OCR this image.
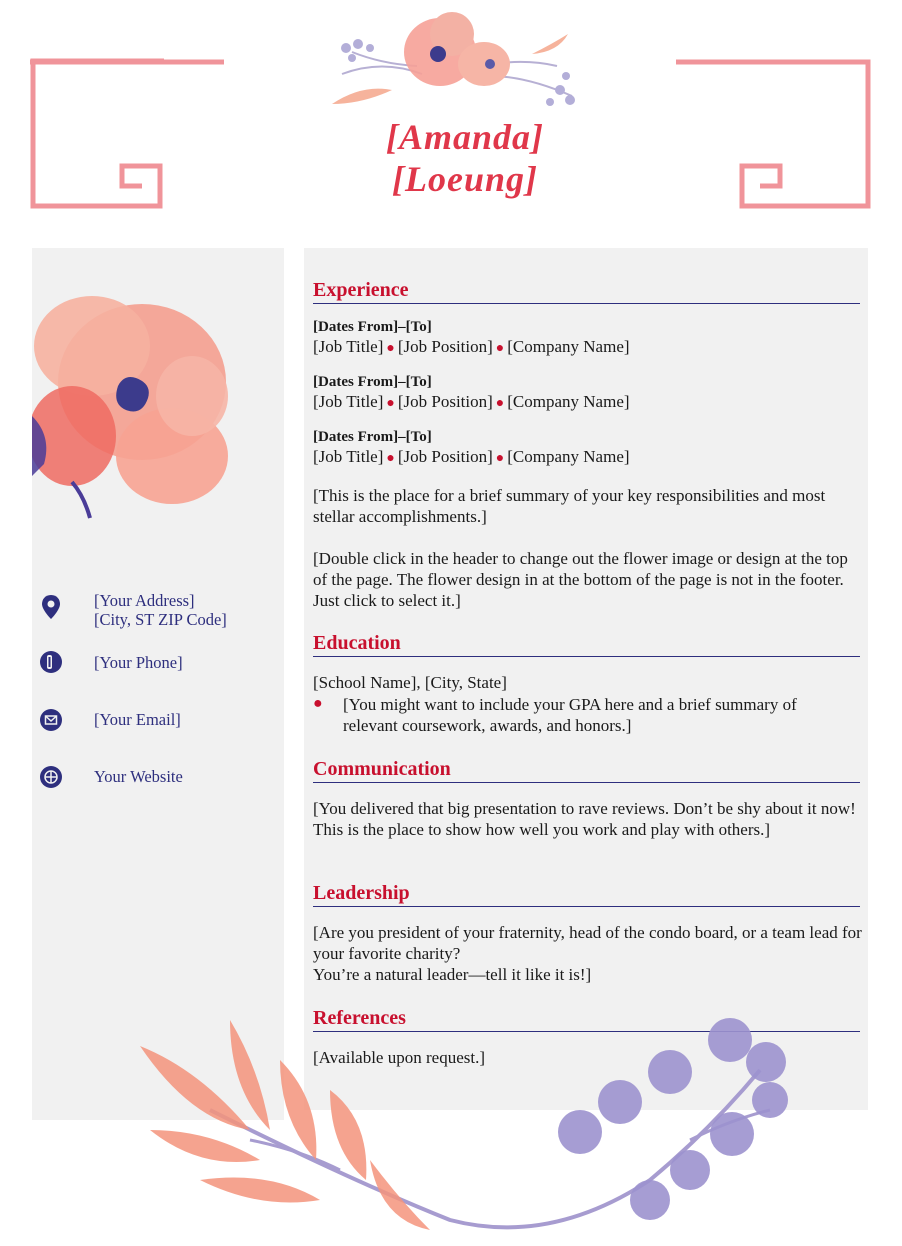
[Amanda]
[Loeung]
[Your Address]
[City, ST ZIP Code]
[Your Phone]
[Your Email]
Your Website
Experience
[Dates From]–[To]
[Job Title] ● [Job Position] ● [Company Name]
[Dates From]–[To]
[Job Title] ● [Job Position] ● [Company Name]
[Dates From]–[To]
[Job Title] ● [Job Position] ● [Company Name]
[This is the place for a brief summary of your key responsibilities and most stellar accomplishments.]
[Double click in the header to change out the flower image or design at the top of the page. The flower design in at the bottom of the page is not in the footer. Just click to select it.]
Education
[School Name], [City, State]
● [You might want to include your GPA here and a brief summary of relevant coursework, awards, and honors.]
Communication
[You delivered that big presentation to rave reviews. Don’t be shy about it now! This is the place to show how well you work and play with others.]
Leadership
[Are you president of your fraternity, head of the condo board, or a team lead for your favorite charity?
You’re a natural leader—tell it like it is!]
References
[Available upon request.]
